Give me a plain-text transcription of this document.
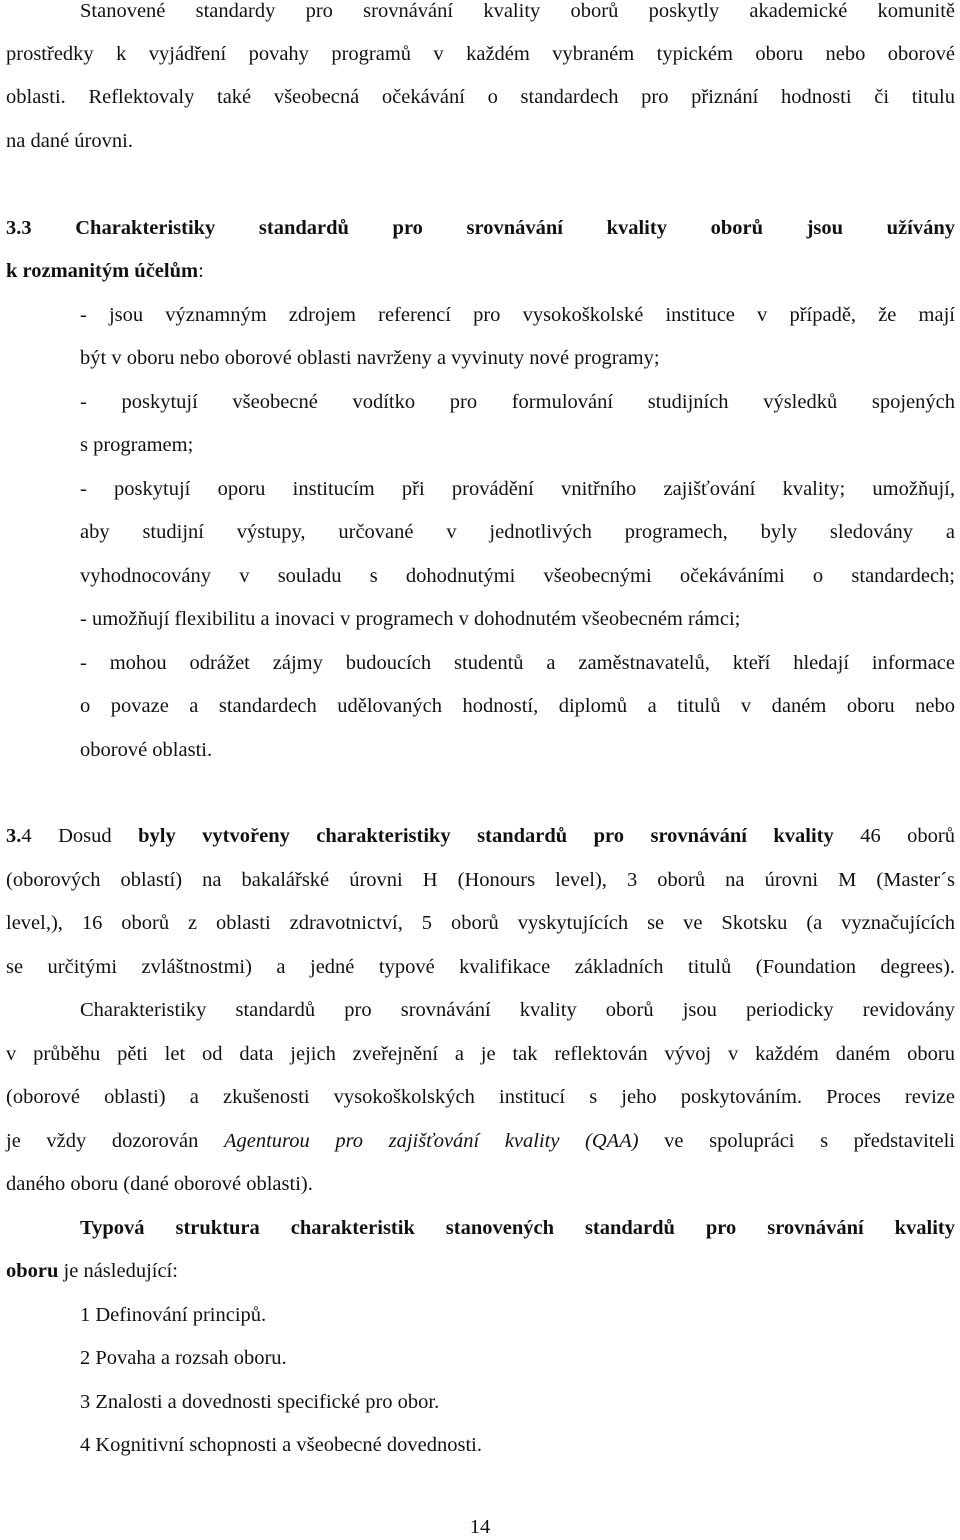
Stanovené standardy pro srovnávání kvality oborů poskytly akademické komunitě

prostředky k vyjádření povahy programů v každém vybraném typickém oboru nebo oborové

oblasti. Reflektovaly také všeobecná očekávání o standardech pro přiznání hodnosti či titulu

na dané úrovni.

3.3 Charakteristiky standardů pro srovnávání kvality oborů jsou užívány

k rozmanitým účelům:

- jsou významným zdrojem referencí pro vysokoškolské instituce v případě, že mají

být v oboru nebo oborové oblasti navrženy a vyvinuty nové programy;

- poskytují všeobecné vodítko pro formulování studijních výsledků spojených

s programem;

- poskytují oporu institucím při provádění vnitřního zajišťování kvality; umožňují,

aby studijní výstupy, určované v jednotlivých programech, byly sledovány a

vyhodnocovány v souladu s dohodnutými všeobecnými očekáváními o standardech;

- umožňují flexibilitu a inovaci v programech v dohodnutém všeobecném rámci;

- mohou odrážet zájmy budoucích studentů a zaměstnavatelů, kteří hledají informace

o povaze a standardech udělovaných hodností, diplomů a titulů v daném oboru nebo

oborové oblasti.

3.4 Dosud byly vytvořeny charakteristiky standardů pro srovnávání kvality 46 oborů

(oborových oblastí) na bakalářské úrovni H (Honours level), 3 oborů na úrovni M (Master´s

level,), 16 oborů z oblasti zdravotnictví, 5 oborů vyskytujících se ve Skotsku (a vyznačujících

se určitými zvláštnostmi) a jedné typové kvalifikace základních titulů (Foundation degrees).

Charakteristiky standardů pro srovnávání kvality oborů jsou periodicky revidovány

v průběhu pěti let od data jejich zveřejnění a je tak reflektován vývoj v každém daném oboru

(oborové oblasti) a zkušenosti vysokoškolských institucí s jeho poskytováním. Proces revize

je vždy dozorován Agenturou pro zajišťování kvality (QAA) ve spolupráci s představiteli

daného oboru (dané oborové oblasti).

Typová struktura charakteristik stanovených standardů pro srovnávání kvality

oboru je následující:

1 Definování principů.

2 Povaha a rozsah oboru.

3 Znalosti a dovednosti specifické pro obor.

4 Kognitivní schopnosti a všeobecné dovednosti.

14
